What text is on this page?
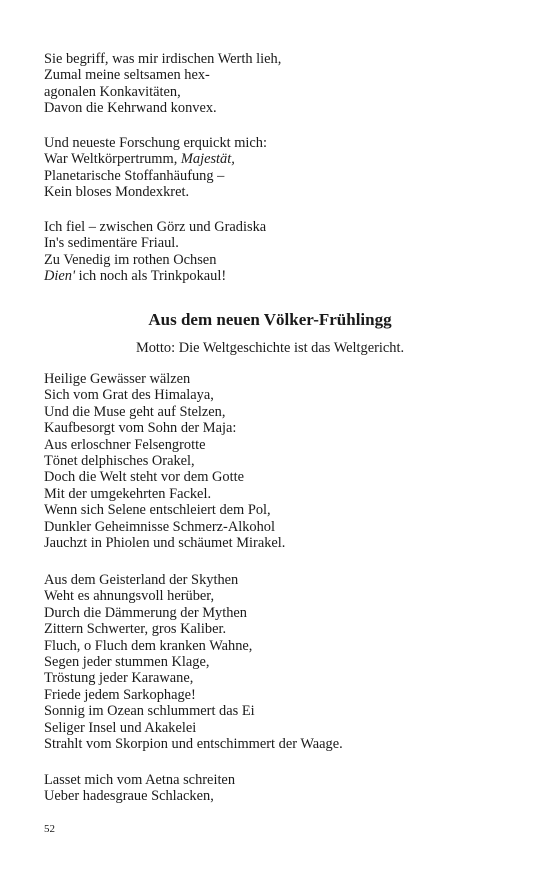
Sie begriff, was mir irdischen Werth lieh,
Zumal meine seltsamen hex-
agonalen Konkavitäten,
Davon die Kehrwand konvex.
Und neueste Forschung erquickt mich:
War Weltkörpertrumm, Majestät,
Planetarische Stoffanhäufung –
Kein bloses Mondexkret.
Ich fiel – zwischen Görz und Gradiska
In's sedimentäre Friaul.
Zu Venedig im rothen Ochsen
Dien' ich noch als Trinkpokaul!
Aus dem neuen Völker-Frühlingg

Motto: Die Weltgeschichte ist das Weltgericht.

Heilige Gewässer wälzen
Sich vom Grat des Himalaya,
Und die Muse geht auf Stelzen,
Kaufbesorgt vom Sohn der Maja:
Aus erloschner Felsengrotte
Tönet delphisches Orakel,
Doch die Welt steht vor dem Gotte
Mit der umgekehrten Fackel.
Wenn sich Selene entschleiert dem Pol,
Dunkler Geheimnisse Schmerz-Alkohol
Jauchzt in Phiolen und schäumet Mirakel.
Aus dem Geisterland der Skythen
Weht es ahnungsvoll herüber,
Durch die Dämmerung der Mythen
Zittern Schwerter, gros Kaliber.
Fluch, o Fluch dem kranken Wahne,
Segen jeder stummen Klage,
Tröstung jeder Karawane,
Friede jedem Sarkophage!
Sonnig im Ozean schlummert das Ei
Seliger Insel und Akakelei
Strahlt vom Skorpion und entschimmert der Waage.
Lasset mich vom Aetna schreiten
Ueber hadesgraue Schlacken,
52
